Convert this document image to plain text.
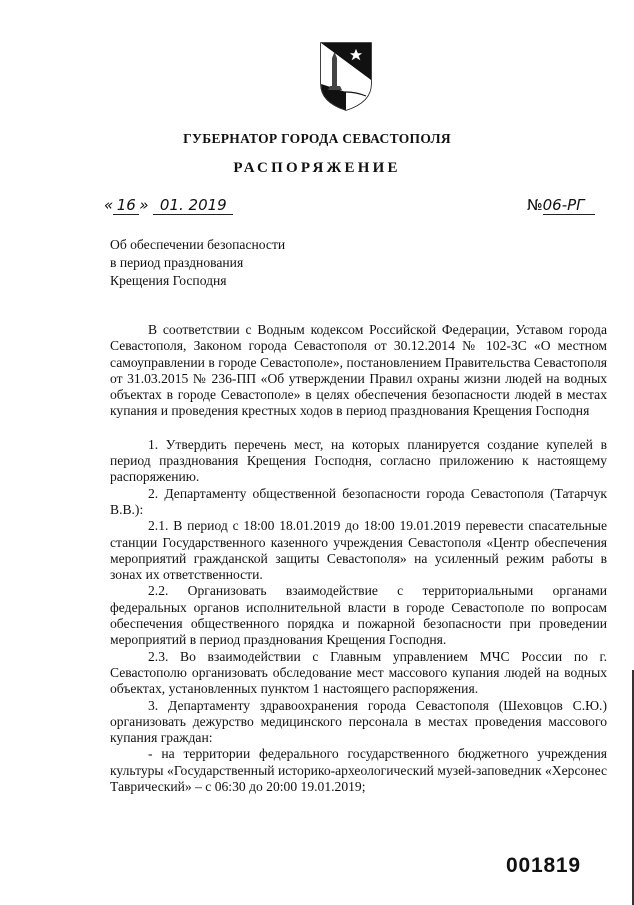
ГУБЕРНАТОР ГОРОДА СЕВАСТОПОЛЯ
РАСПОРЯЖЕНИЕ
« 16 » 01. 2019	№06-РГ
Об обеспечении безопасности
в период празднования
Крещения Господня

В соответствии с Водным кодексом Российской Федерации, Уставом города Севастополя, Законом города Севастополя от 30.12.2014 № 102-ЗС «О местном самоуправлении в городе Севастополе», постановлением Правительства Севастополя от 31.03.2015 № 236-ПП «Об утверждении Правил охраны жизни людей на водных объектах в городе Севастополе» в целях обеспечения безопасности людей в местах купания и проведения крестных ходов в период празднования Крещения Господня

1. Утвердить перечень мест, на которых планируется создание купелей в период празднования Крещения Господня, согласно приложению к настоящему распоряжению.

2. Департаменту общественной безопасности города Севастополя (Татарчук В.В.):

2.1. В период с 18:00 18.01.2019 до 18:00 19.01.2019 перевести спасательные станции Государственного казенного учреждения Севастополя «Центр обеспечения мероприятий гражданской защиты Севастополя» на усиленный режим работы в зонах их ответственности.

2.2. Организовать взаимодействие с территориальными органами федеральных органов исполнительной власти в городе Севастополе по вопросам обеспечения общественного порядка и пожарной безопасности при проведении мероприятий в период празднования Крещения Господня.

2.3. Во взаимодействии с Главным управлением МЧС России по г. Севастополю организовать обследование мест массового купания людей на водных объектах, установленных пунктом 1 настоящего распоряжения.

3. Департаменту здравоохранения города Севастополя (Шеховцов С.Ю.) организовать дежурство медицинского персонала в местах проведения массового купания граждан:

- на территории федерального государственного бюджетного учреждения культуры «Государственный историко-археологический музей-заповедник «Херсонес Таврический» – с 06:30 до 20:00 19.01.2019;

001819
